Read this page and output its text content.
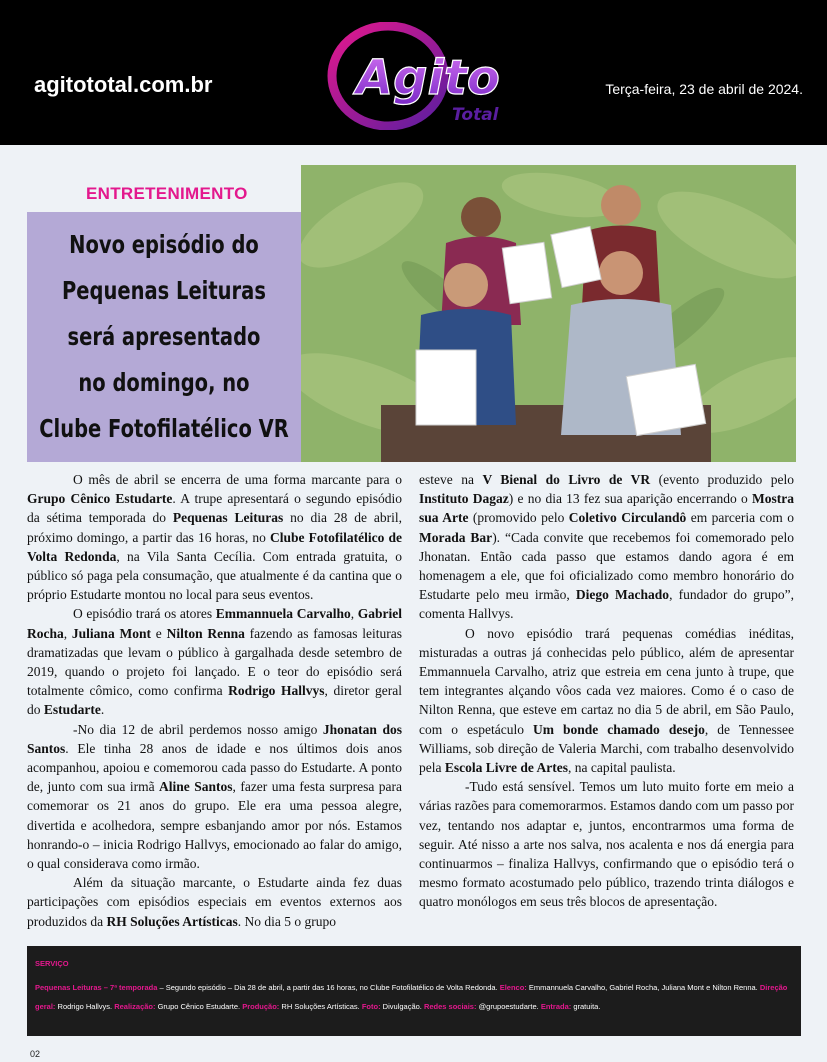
agitototal.com.br	Agito
Total
Terça-feira, 23 de abril de 2024.
ENTRETENIMENTO
Novo episódio do
Pequenas Leituras
será apresentado
no domingo, no
Clube Fotofilatélico VR

O mês de abril se encerra de uma forma marcante para o Grupo Cênico Estudarte. A trupe apresentará o segundo episódio da sétima temporada do Pequenas Leituras no dia 28 de abril, próximo domingo, a partir das 16 horas, no Clube Fotofilatélico de Volta Redonda, na Vila Santa Cecília. Com entrada gratuita, o público só paga pela consumação, que atualmente é da cantina que o próprio Estudarte montou no local para seus eventos.

O episódio trará os atores Emmannuela Carvalho, Gabriel Rocha, Juliana Mont e Nilton Renna fazendo as famosas leituras dramatizadas que levam o público à gargalhada desde setembro de 2019, quando o projeto foi lançado. E o teor do episódio será totalmente cômico, como confirma Rodrigo Hallvys, diretor geral do Estudarte.

-No dia 12 de abril perdemos nosso amigo Jhonatan dos Santos. Ele tinha 28 anos de idade e nos últimos dois anos acompanhou, apoiou e comemorou cada passo do Estudarte. A ponto de, junto com sua irmã Aline Santos, fazer uma festa surpresa para comemorar os 21 anos do grupo. Ele era uma pessoa alegre, divertida e acolhedora, sempre esbanjando amor por nós. Estamos honrando-o – inicia Rodrigo Hallvys, emocionado ao falar do amigo, o qual considerava como irmão.

Além da situação marcante, o Estudarte ainda fez duas participações com episódios especiais em eventos externos aos produzidos da RH Soluções Artísticas. No dia 5 o grupo

esteve na V Bienal do Livro de VR (evento produzido pelo Instituto Dagaz) e no dia 13 fez sua aparição encerrando o Mostra sua Arte (promovido pelo Coletivo Circulandô em parceria com o Morada Bar). “Cada convite que recebemos foi comemorado pelo Jhonatan. Então cada passo que estamos dando agora é em homenagem a ele, que foi oficializado como membro honorário do Estudarte pelo meu irmão, Diego Machado, fundador do grupo”, comenta Hallvys.

O novo episódio trará pequenas comédias inéditas, misturadas a outras já conhecidas pelo público, além de apresentar Emmannuela Carvalho, atriz que estreia em cena junto à trupe, que tem integrantes alçando vôos cada vez maiores. Como é o caso de Nilton Renna, que esteve em cartaz no dia 5 de abril, em São Paulo, com o espetáculo Um bonde chamado desejo, de Tennessee Williams, sob direção de Valeria Marchi, com trabalho desenvolvido pela Escola Livre de Artes, na capital paulista.

-Tudo está sensível. Temos um luto muito forte em meio a várias razões para comemorarmos. Estamos dando com um passo por vez, tentando nos adaptar e, juntos, encontrarmos uma forma de seguir. Até nisso a arte nos salva, nos acalenta e nos dá energia para continuarmos – finaliza Hallvys, confirmando que o episódio terá o mesmo formato acostumado pelo público, trazendo trinta diálogos e quatro monólogos em seus três blocos de apresentação.

SERVIÇO
Pequenas Leituras – 7ª temporada – Segundo episódio – Dia 28 de abril, a partir das 16 horas, no Clube Fotofilatélico de Volta Redonda. Elenco: Emmannuela Carvalho, Gabriel Rocha, Juliana Mont e Nilton Renna. Direção geral: Rodrigo Hallvys. Realização: Grupo Cênico Estudarte. Produção: RH Soluções Artísticas. Foto: Divulgação. Redes sociais: @grupoestudarte. Entrada: gratuita.
02
